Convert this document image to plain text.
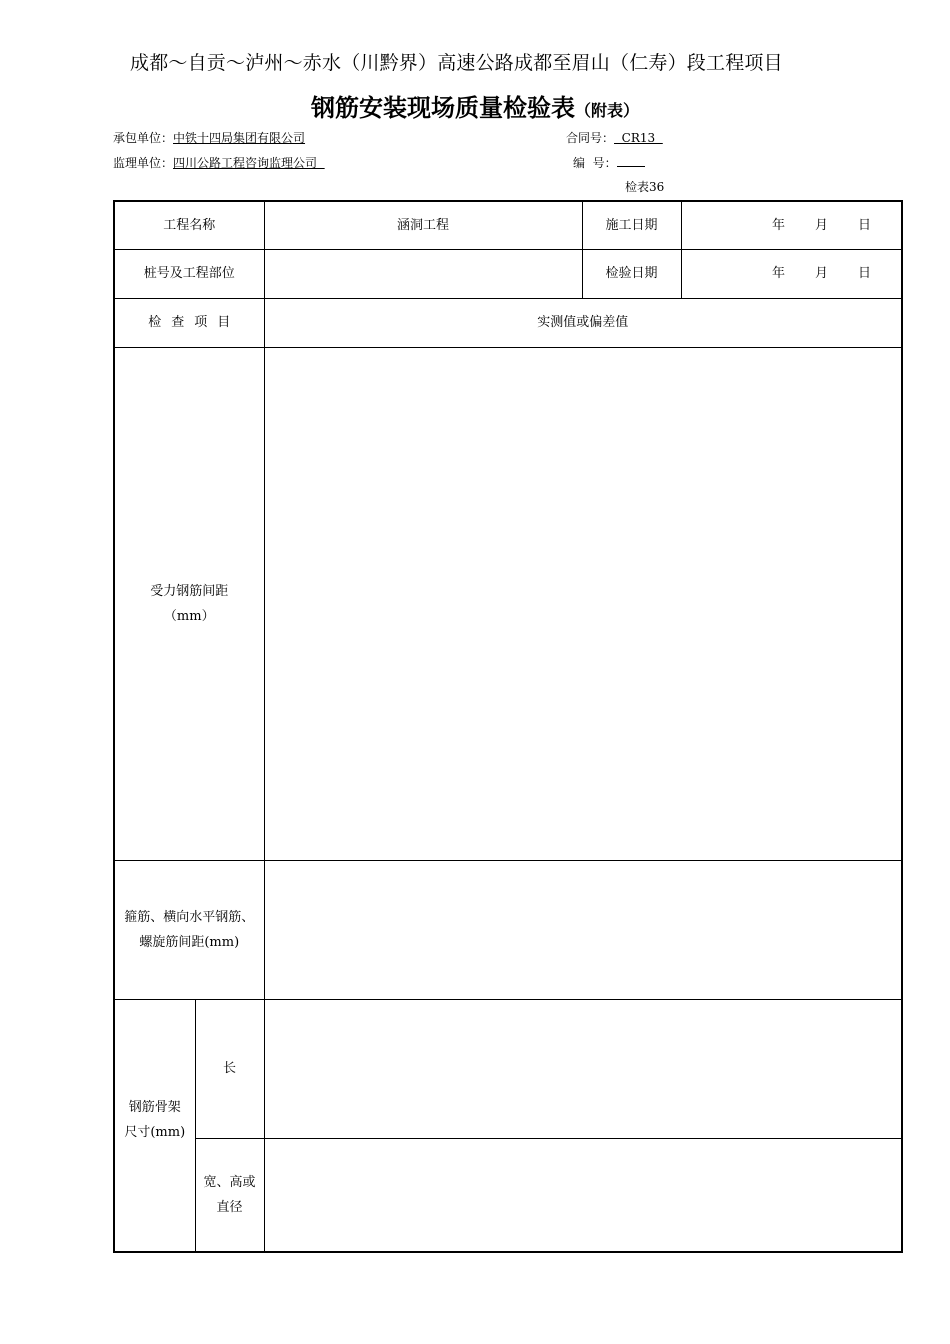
成都～自贡～泸州～赤水（川黔界）高速公路成都至眉山（仁寿）段工程项目
钢筋安装现场质量检验表（附表）
承包单位：中铁十四局集团有限公司	合同号：  CR13
监理单位：四川公路工程咨询监理公司	编  号：
检表36
工程名称		涵洞工程	施工日期	年 月 日
桩号及工程部位			检验日期	年 月 日
检 查 项 目		实测值或偏差值		

受力钢筋间距
（mm）				

箍筋、横向水平钢筋、
螺旋筋间距(mm)				

钢筋骨架
尺寸(mm)	长			

	宽、高或
直径			
